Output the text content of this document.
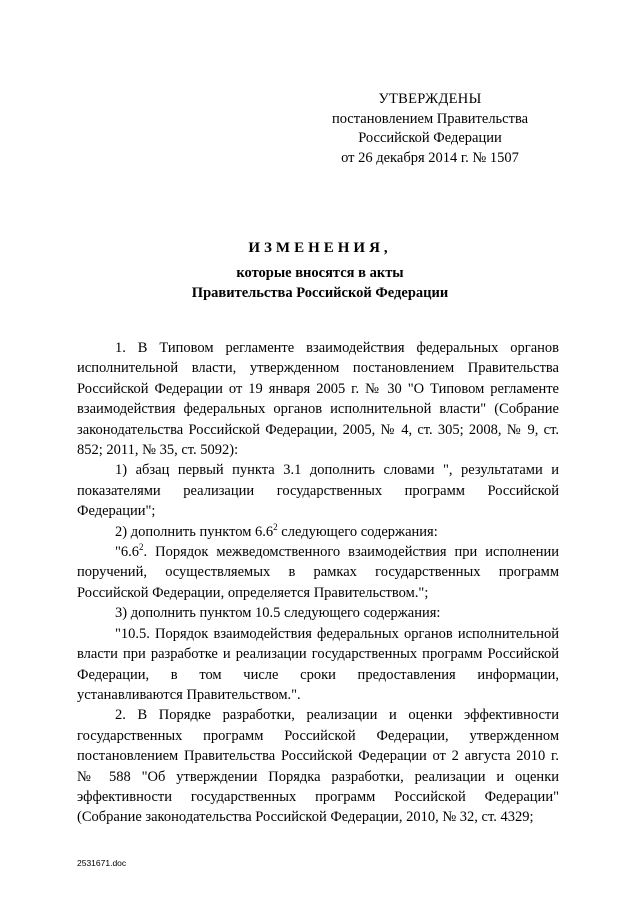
УТВЕРЖДЕНЫ
постановлением Правительства
Российской Федерации
от 26 декабря 2014 г. № 1507
ИЗМЕНЕНИЯ,
которые вносятся в акты
Правительства Российской Федерации

1. В Типовом регламенте взаимодействия федеральных органов исполнительной власти, утвержденном постановлением Правительства Российской Федерации от 19 января 2005 г. № 30 "О Типовом регламенте взаимодействия федеральных органов исполнительной власти" (Собрание законодательства Российской Федерации, 2005, № 4, ст. 305; 2008, № 9, ст. 852; 2011, № 35, ст. 5092):

1) абзац первый пункта 3.1 дополнить словами ", результатами и показателями реализации государственных программ Российской Федерации";

2) дополнить пунктом $6.6^2$ следующего содержания:

"$6.6^2$. Порядок межведомственного взаимодействия при исполнении поручений, осуществляемых в рамках государственных программ Российской Федерации, определяется Правительством.";

3) дополнить пунктом 10.5 следующего содержания:

"10.5. Порядок взаимодействия федеральных органов исполнительной власти при разработке и реализации государственных программ Российской Федерации, в том числе сроки предоставления информации, устанавливаются Правительством.".

2. В Порядке разработки, реализации и оценки эффективности государственных программ Российской Федерации, утвержденном постановлением Правительства Российской Федерации от 2 августа 2010 г. № 588 "Об утверждении Порядка разработки, реализации и оценки эффективности государственных программ Российской Федерации" (Собрание законодательства Российской Федерации, 2010, № 32, ст. 4329;

2531671.doc
